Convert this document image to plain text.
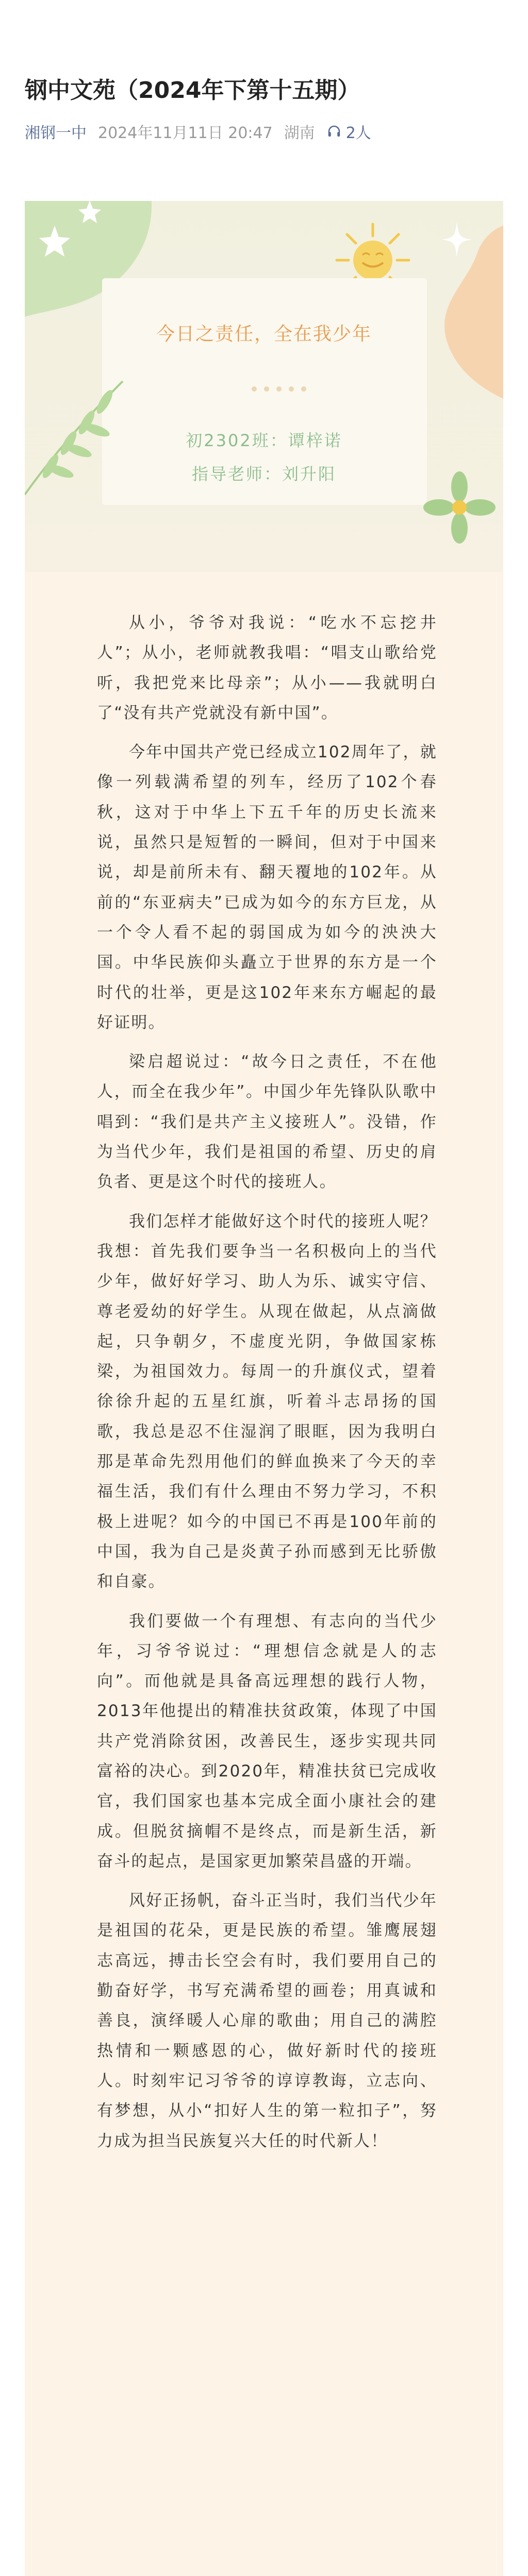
钢中文苑（2024年下第十五期）
湘钢一中 2024年11月11日 20:47 湖南 2人
今日之责任，全在我少年
初2302班：谭梓诺
指导老师：刘升阳

从小，爷爷对我说：“吃水不忘挖井人”；从小，老师就教我唱：“唱支山歌给党听，我把党来比母亲”；从小——我就明白了“没有共产党就没有新中国”。

今年中国共产党已经成立102周年了，就像一列载满希望的列车，经历了102个春秋，这对于中华上下五千年的历史长流来说，虽然只是短暂的一瞬间，但对于中国来说，却是前所未有、翻天覆地的102年。从前的“东亚病夫”已成为如今的东方巨龙，从一个令人看不起的弱国成为如今的泱泱大国。中华民族仰头矗立于世界的东方是一个时代的壮举，更是这102年来东方崛起的最好证明。

梁启超说过：“故今日之责任，不在他人，而全在我少年”。中国少年先锋队队歌中唱到：“我们是共产主义接班人”。没错，作为当代少年，我们是祖国的希望、历史的肩负者、更是这个时代的接班人。

我们怎样才能做好这个时代的接班人呢？我想：首先我们要争当一名积极向上的当代少年，做好好学习、助人为乐、诚实守信、尊老爱幼的好学生。从现在做起，从点滴做起，只争朝夕，不虚度光阴，争做国家栋梁，为祖国效力。每周一的升旗仪式，望着徐徐升起的五星红旗，听着斗志昂扬的国歌，我总是忍不住湿润了眼眶，因为我明白那是革命先烈用他们的鲜血换来了今天的幸福生活，我们有什么理由不努力学习，不积极上进呢？如今的中国已不再是100年前的中国，我为自己是炎黄子孙而感到无比骄傲和自豪。

我们要做一个有理想、有志向的当代少年，习爷爷说过：“理想信念就是人的志向”。而他就是具备高远理想的践行人物，2013年他提出的精准扶贫政策，体现了中国共产党消除贫困，改善民生，逐步实现共同富裕的决心。到2020年，精准扶贫已完成收官，我们国家也基本完成全面小康社会的建成。但脱贫摘帽不是终点，而是新生活，新奋斗的起点，是国家更加繁荣昌盛的开端。

风好正扬帆，奋斗正当时，我们当代少年是祖国的花朵，更是民族的希望。雏鹰展翅志高远，搏击长空会有时，我们要用自己的勤奋好学，书写充满希望的画卷；用真诚和善良，演绎暖人心扉的歌曲；用自己的满腔热情和一颗感恩的心，做好新时代的接班人。时刻牢记习爷爷的谆谆教诲，立志向、有梦想，从小“扣好人生的第一粒扣子”，努力成为担当民族复兴大任的时代新人！
